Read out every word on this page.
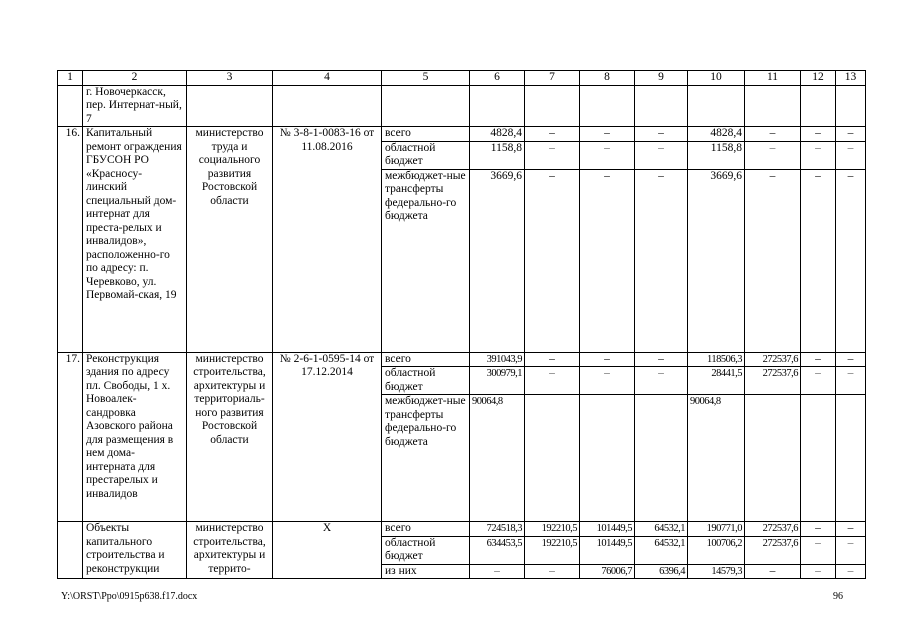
1	2	3	4	5	6	7	8	9	10	11	12	13
	г. Новочеркасск, пер. Интернат-ный, 7											
16.	Капитальный ремонт ограждения ГБУСОН РО «Красносу-линский специальный дом-интернат для преста-релых и инвалидов», расположенно-го по адресу: п. Черевково, ул. Первомай-ская, 19	министерство труда и социального развития Ростовской области	№ 3-8-1-0083-16 от 11.08.2016	всего	4828,4	–	–	–	4828,4	–	–	–
				областной бюджет	1158,8	–	–	–	1158,8	–	–	–
				межбюджет-ные трансферты федерально-го бюджета	3669,6	–	–	–	3669,6	–	–	–
17.	Реконструкция здания по адресу пл. Свободы, 1 х. Новоалек-сандровка Азовского района для размещения в нем дома-интерната для престарелых и инвалидов	министерство строительства, архитектуры и территориаль-ного развития Ростовской области	№ 2-6-1-0595-14 от 17.12.2014	всего	391043,9	–	–	–	118506,3	272537,6	–	–
				областной бюджет	300979,1	–	–	–	28441,5	272537,6	–	–
				межбюджет-ные трансферты федерально-го бюджета	90064,8				90064,8			
	Объекты капитального строительства и реконструкции	министерство строительства, архитектуры и террито-	Х	всего	724518,3	192210,5	101449,5	64532,1	190771,0	272537,6	–	–
				областной бюджет	634453,5	192210,5	101449,5	64532,1	100706,2	272537,6	–	–
				из них	–	–	76006,7	6396,4	14579,3	–	–	–
Y:\ORST\Ppo\0915p638.f17.docx	96
